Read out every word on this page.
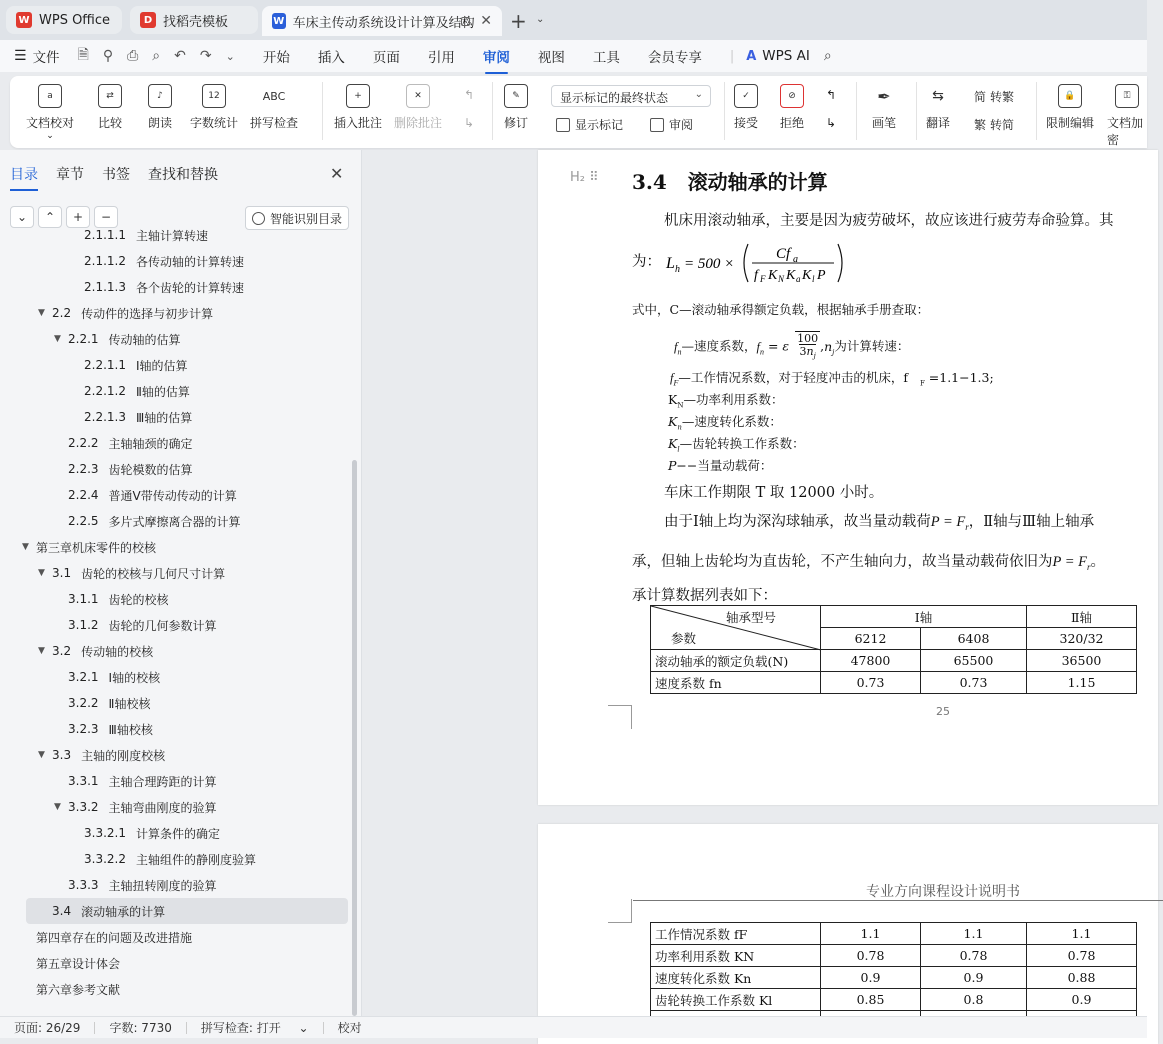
W WPS Office	D 找稻壳模板	W 车床主传动系统设计计算及结构 ✕ + ⌄
☰ 文件 🗎 ⚲ ⎙ ⌕ ↶ ↷ ⌄ 开始 插入 页面 引用 审阅 视图 工具 会员专享 | A WPS AI ⌕
a
文档校对
⌄
⇄
比较
♪
朗读
12
字数统计
ABC
拼写检查
+
插入批注
✕
删除批注
↰
↳
✎
修订
显示标记的最终状态	⌄
显示标记	审阅
✓
接受
⊘
拒绝
↰
↳
✒
画笔
⇆
翻译
简 转繁
繁 转简
🔒
限制编辑
⚿
文档加密
目录 章节 书签 查找和替换	✕
⌄	⌃	+	−	智能识别目录
2.1.1.1 主轴计算转速
2.1.1.2 各传动轴的计算转速
2.1.1.3 各个齿轮的计算转速
▼ 2.2 传动件的选择与初步计算
▼ 2.2.1 传动轴的估算
2.2.1.1 Ⅰ轴的估算
2.2.1.2 Ⅱ轴的估算
2.2.1.3 Ⅲ轴的估算
2.2.2 主轴轴颈的确定
2.2.3 齿轮模数的估算
2.2.4 普通Ⅴ带传动传动的计算
2.2.5 多片式摩擦离合器的计算
▼ 第三章机床零件的校核
▼ 3.1 齿轮的校核与几何尺寸计算
3.1.1 齿轮的校核
3.1.2 齿轮的几何参数计算
▼ 3.2 传动轴的校核
3.2.1 Ⅰ轴的校核
3.2.2 Ⅱ轴校核
3.2.3 Ⅲ轴校核
▼ 3.3 主轴的刚度校核
3.3.1 主轴合理跨距的计算
▼ 3.3.2 主轴弯曲刚度的验算
3.3.2.1 计算条件的确定
3.3.2.2 主轴组件的静刚度验算
3.3.3 主轴扭转刚度的验算
3.4 滚动轴承的计算
第四章存在的问题及改进措施
第五章设计体会
第六章参考文献
H₂ ⠿ 3.4 滚动轴承的计算
机床用滚动轴承，主要是因为疲劳破坏，故应该进行疲劳寿命验算。其
为： L h = 500 ×
Cf a
f F K N K a K l P
式中，C—滚动轴承得额定负载，根据轴承手册查取：
$f_n—$速度系数，$f_n = \varepsilon$ 100
$3n_j,n_j$为计算转速：
$f_F—$工作情况系数，对于轻度冲击的机床，f $_F$ =1.1−1.3;
$K_N—$功率利用系数：
$K_n—$速度转化系数：
$K_l—$齿轮转换工作系数：
P−−当量动载荷：
车床工作期限 T 取 12000 小时。
由于Ⅰ轴上均为深沟球轴承，故当量动载荷$P = F_r$，Ⅱ轴与Ⅲ轴上轴承
承，但轴上齿轮均为直齿轮，不产生轴向力，故当量动载荷依旧为$P = F_r$。
承计算数据列表如下：
轴承型号
参数	Ⅰ轴		Ⅱ轴
	6212	6408	320/32
滚动轴承的额定负载(N)	47800	65500	36500
速度系数 fn	0.73	0.73	1.15
25
专业方向课程设计说明书
工作情况系数 fF	1.1	1.1	1.1
功率利用系数 KN	0.78	0.78	0.78
速度转化系数 Kn	0.9	0.9	0.88
齿轮转换工作系数 Kl	0.85	0.8	0.9

页面: 26/29 字数: 7730 拼写检查: 打开 ⌄ 校对
